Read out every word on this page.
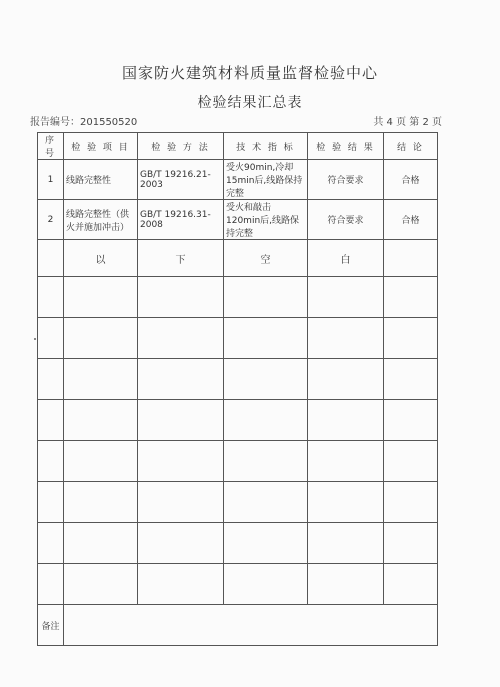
国家防火建筑材料质量监督检验中心
检验结果汇总表
报告编号：201550520	共 4 页 第 2 页
序号	检 验 项 目	检 验 方 法	技 术 指 标	检 验 结 果	结 论
1	线路完整性	GB/T 19216.21-2003	受火90min,冷却15min后,线路保持完整	符合要求	合格
2	线路完整性（供火并施加冲击）	GB/T 19216.31-2008	受火和敲击120min后,线路保持完整	符合要求	合格
	以	下	空	白	

备注					
